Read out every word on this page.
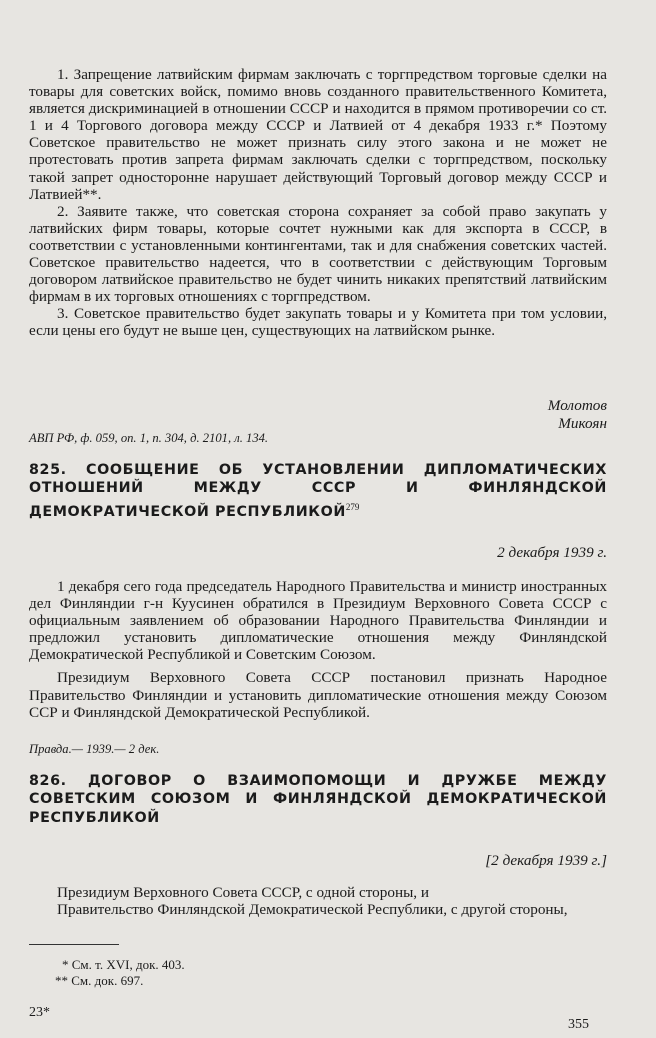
1. Запрещение латвийским фирмам заключать с торгпредством торговые сделки на товары для советских войск, помимо вновь созданного правительственного Комитета, является дискриминацией в отношении СССР и находится в прямом противоречии со ст. 1 и 4 Торгового договора между СССР и Латвией от 4 декабря 1933 г.* Поэтому Советское правительство не может признать силу этого закона и не может не протестовать против запрета фирмам заключать сделки с торгпредством, поскольку такой запрет односторонне нарушает действующий Торговый договор между СССР и Латвией**.

2. Заявите также, что советская сторона сохраняет за собой право закупать у латвийских фирм товары, которые сочтет нужными как для экспорта в СССР, в соответствии с установленными контингентами, так и для снабжения советских частей. Советское правительство надеется, что в соответствии с действующим Торговым договором латвийское правительство не будет чинить никаких препятствий латвийским фирмам в их торговых отношениях с торгпредством.

3. Советское правительство будет закупать товары и у Комитета при том условии, если цены его будут не выше цен, существующих на латвийском рынке.

Молотов

Микоян

АВП РФ, ф. 059, оп. 1, п. 304, д. 2101, л. 134.

825. СООБЩЕНИЕ ОБ УСТАНОВЛЕНИИ ДИПЛОМАТИЧЕСКИХ ОТНОШЕНИЙ МЕЖДУ СССР И ФИНЛЯНДСКОЙ ДЕМОКРАТИЧЕСКОЙ РЕСПУБЛИКОЙ$^{279}$

2 декабря 1939 г.

1 декабря сего года председатель Народного Правительства и министр иностранных дел Финляндии г-н Куусинен обратился в Президиум Верховного Совета СССР с официальным заявлением об образовании Народного Правительства Финляндии и предложил установить дипломатические отношения между Финляндской Демократической Республикой и Советским Союзом.

Президиум Верховного Совета СССР постановил признать Народное Правительство Финляндии и установить дипломатические отношения между Союзом ССР и Финляндской Демократической Республикой.

Правда.— 1939.— 2 дек.

826. ДОГОВОР О ВЗАИМОПОМОЩИ И ДРУЖБЕ МЕЖДУ СОВЕТСКИМ СОЮЗОМ И ФИНЛЯНДСКОЙ ДЕМОКРАТИЧЕСКОЙ РЕСПУБЛИКОЙ

[2 декабря 1939 г.]

Президиум Верховного Совета СССР, с одной стороны, и

Правительство Финляндской Демократической Республики, с другой стороны,

* См. т. XVI, док. 403.

** См. док. 697.

23*
355
